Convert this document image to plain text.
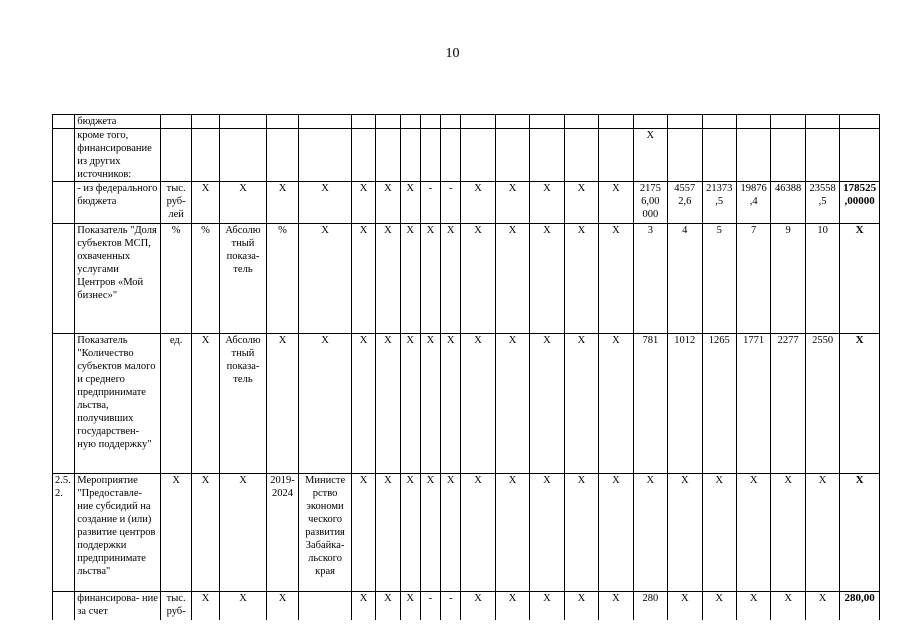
10
	бюджета																						
	кроме того, финансирование из других источников:																X						
	- из федерального бюджета	тыс. руб- лей	X	X	X	X	X	X	X	-	-	X	X	X	X	X	2175 6,00 000	4557 2,6	21373 ,5	19876 ,4	46388	23558 ,5	178525 ,00000
	Показатель "Доля субъектов МСП, охваченных услугами Центров «Мой бизнес»"	%	%	Абсолю тный показа- тель	%	X	X	X	X	X	X	X	X	X	X	X	3	4	5	7	9	10	X
	Показатель "Количество субъектов малого и среднего предпринимате льства, получивших государствен- ную поддержку"	ед.	X	Абсолю тный показа- тель	X	X	X	X	X	X	X	X	X	X	X	X	781	1012	1265	1771	2277	2550	X
2.5. 2.	Мероприятие "Предоставле- ние субсидий на создание и (или) развитие центров поддержки предпринимате льства"	X	X	X	2019- 2024	Министе рство экономи ческого развития Забайка- льского края	X	X	X	X	X	X	X	X	X	X	X	X	X	X	X	X	X
	финансирова- ние за счет	тыс. руб-	X	X	X		X	X	X	-	-	X	X	X	X	X	280	X	X	X	X	X	280,00
